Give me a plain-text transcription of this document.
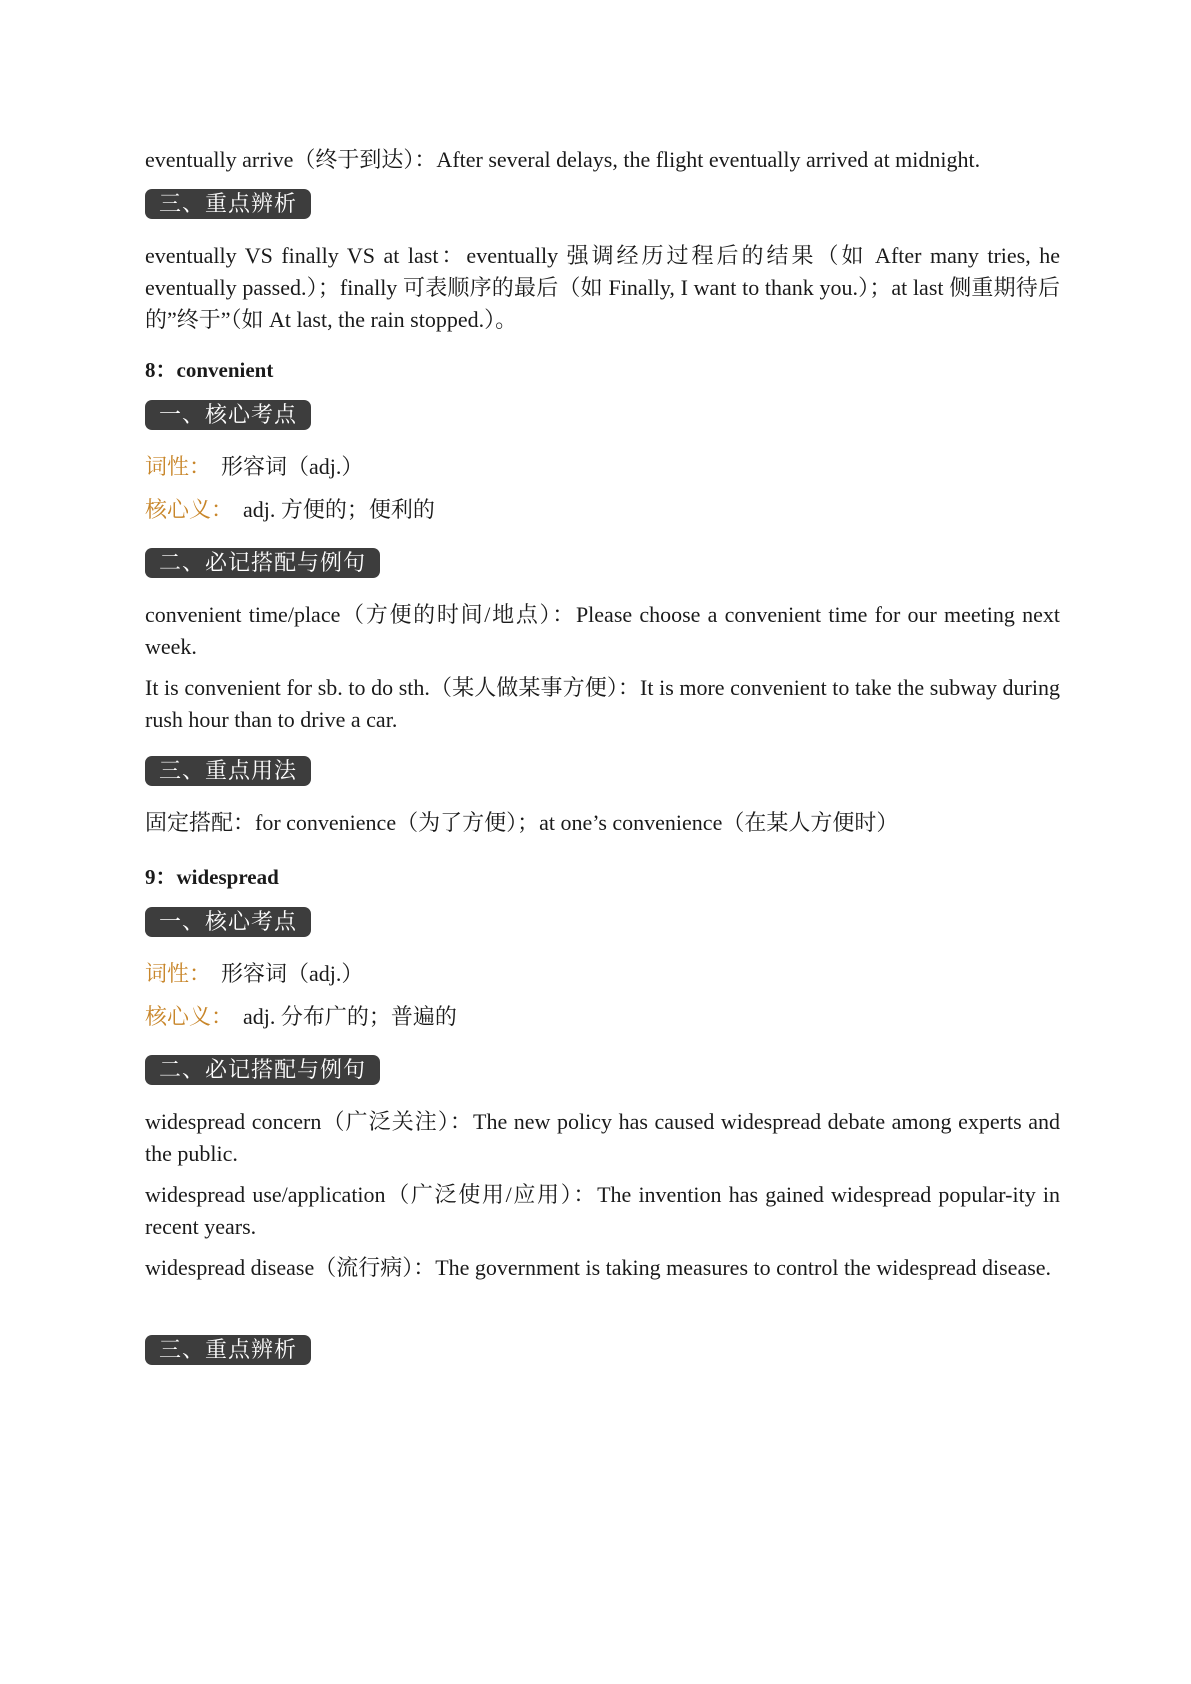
eventually arrive（终于到达）：After several delays, the flight eventually arrived at midnight.

三、重点辨析

eventually VS finally VS at last：eventually 强调经历过程后的结果（如 After many tries, he eventually passed.）；finally 可表顺序的最后（如 Finally, I want to thank you.）；at last 侧重期待后的”终于”（如 At last, the rain stopped.）。

8：convenient

一、核心考点

词性： 形容词（adj.）

核心义： adj. 方便的；便利的

二、必记搭配与例句

convenient time/place（方便的时间/地点）：Please choose a convenient time for our meeting next week.

It is convenient for sb. to do sth.（某人做某事方便）：It is more convenient to take the subway during rush hour than to drive a car.

三、重点用法

固定搭配：for convenience（为了方便）；at one’s convenience（在某人方便时）

9：widespread

一、核心考点

词性： 形容词（adj.）

核心义： adj. 分布广的；普遍的

二、必记搭配与例句

widespread concern（广泛关注）：The new policy has caused widespread debate among experts and the public.

widespread use/application（广泛使用/应用）：The invention has gained widespread popular-ity in recent years.

widespread disease（流行病）：The government is taking measures to control the widespread disease.

三、重点辨析
